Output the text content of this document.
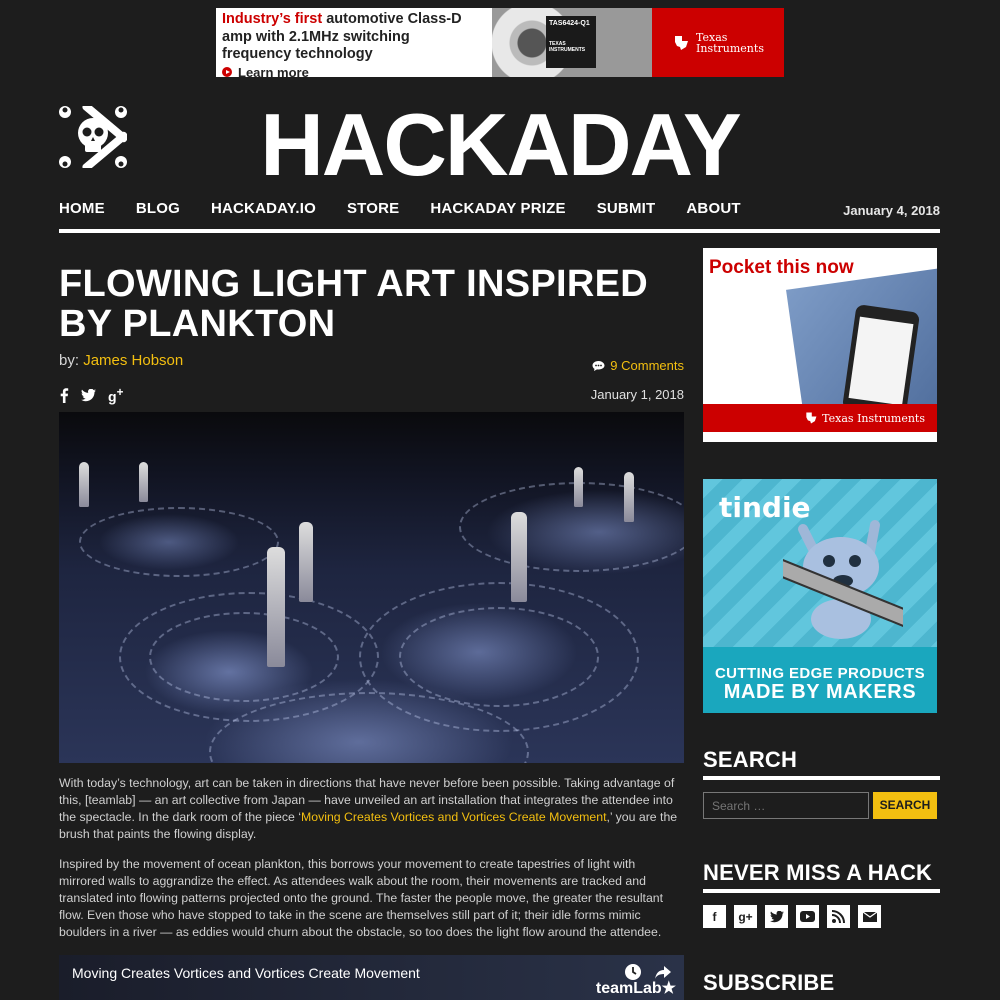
Industry’s first automotive Class-D
amp with 2.1MHz switching
frequency technology
Learn more
TAS6424-Q1
TEXAS INSTRUMENTS
Texas
Instruments
HACKADAY
HOME BLOG HACKADAY.IO STORE HACKADAY PRIZE SUBMIT ABOUT	January 4, 2018
FLOWING LIGHT ART INSPIRED BY PLANKTON
by: James Hobson	9 Comments
g+	January 1, 2018

With today’s technology, art can be taken in directions that have never before been possible. Taking advantage of this, [teamlab] — an art collective from Japan — have unveiled an art installation that integrates the attendee into the spectacle. In the dark room of the piece ‘Moving Creates Vortices and Vortices Create Movement,’ you are the brush that paints the flowing display.

Inspired by the movement of ocean plankton, this borrows your movement to create tapestries of light with mirrored walls to aggrandize the effect. As attendees walk about the room, their movements are tracked and translated into flowing patterns projected onto the ground. The faster the people move, the greater the resultant flow. Even those who have stopped to take in the scene are themselves still part of it; their idle forms mimic boulders in a river — as eddies would churn about the obstacle, so too does the light flow around the attendee.

Moving Creates Vortices and Vortices Create Movement
teamLab★
Pocket this now
Texas Instruments
tindie
CUTTING EDGE PRODUCTS
MADE BY MAKERS
SEARCH
Search …
SEARCH
NEVER MISS A HACK
f	g+
SUBSCRIBE
